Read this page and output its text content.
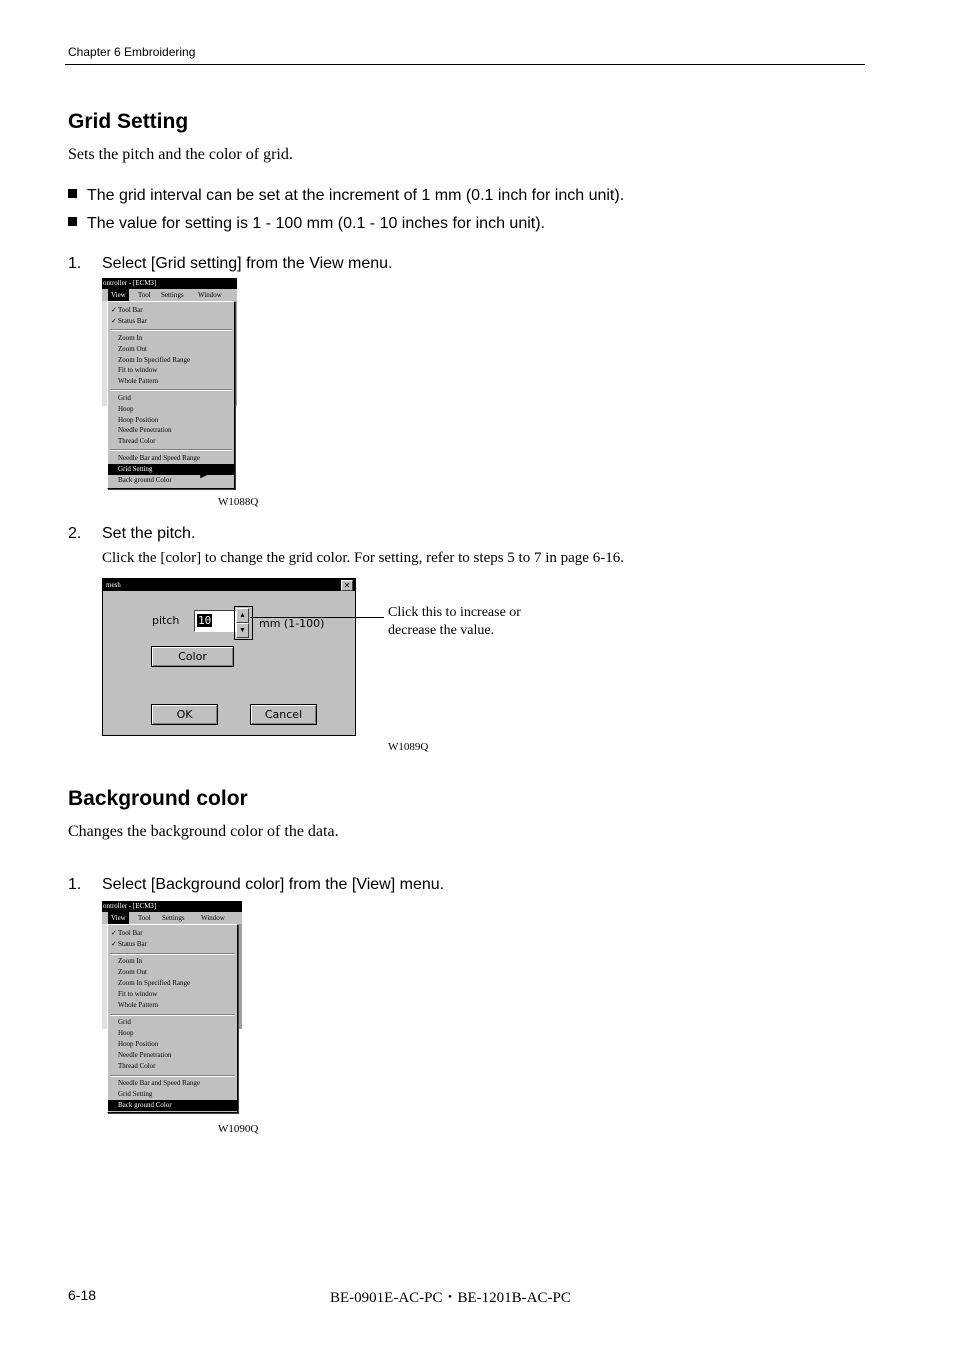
Chapter 6 Embroidering
Grid Setting
Sets the pitch and the color of grid.
The grid interval can be set at the increment of 1 mm (0.1 inch for inch unit).
The value for setting is 1 - 100 mm (0.1 - 10 inches for inch unit).
1. Select [Grid setting] from the View menu.
ontroller - [ECM3]
View	Tool Settings Window
✓ Tool Bar
✓ Status Bar
Zoom In
Zoom Out
Zoom In Specified Range
Fit to window
Whole Pattern
Grid
Hoop
Hoop Position
Needle Penetration
Thread Color
Needle Bar and Speed Range
Grid Setting
Back ground Color
W1088Q
2. Set the pitch.
Click the [color] to change the grid color. For setting, refer to steps 5 to 7 in page 6-16.
mesh	✕
pitch	10	▲
▼ mm (1-100)
Color
OK	Cancel
Click this to increase or
decrease the value.
W1089Q
Background color
Changes the background color of the data.
1. Select [Background color] from the [View] menu.
ontroller - [ECM3]
View	Tool Settings Window
✓ Tool Bar
✓ Status Bar
Zoom In
Zoom Out
Zoom In Specified Range
Fit to window
Whole Pattern
Grid
Hoop
Hoop Position
Needle Penetration
Thread Color
Needle Bar and Speed Range
Grid Setting
Back ground Color
W1090Q
6-18	BE-0901E-AC-PC・BE-1201B-AC-PC
